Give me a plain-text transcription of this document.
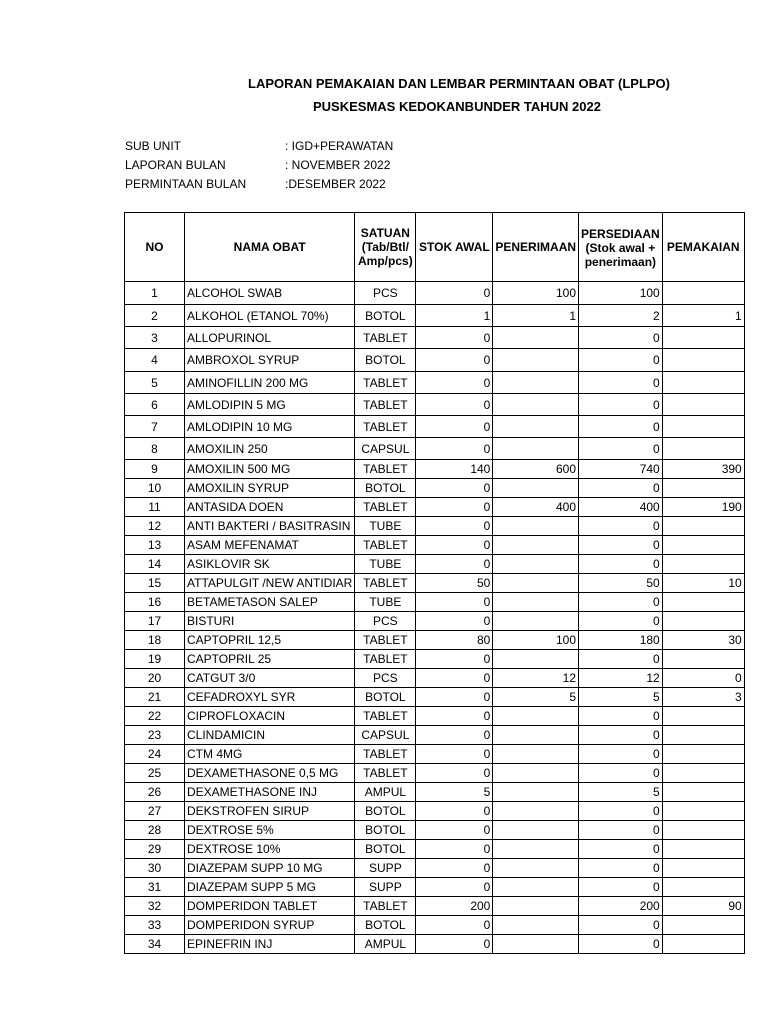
LAPORAN PEMAKAIAN DAN LEMBAR PERMINTAAN OBAT (LPLPO)
PUSKESMAS KEDOKANBUNDER TAHUN 2022
SUB UNIT	: IGD+PERAWATAN
LAPORAN BULAN	: NOVEMBER 2022
PERMINTAAN BULAN	:DESEMBER 2022
NO	NAMA OBAT	SATUAN (Tab/Btl/ Amp/pcs)	STOK AWAL	PENERIMAAN	PERSEDIAAN (Stok awal + penerimaan)	PEMAKAIAN
1	ALCOHOL SWAB	PCS	0	100	100	
2	ALKOHOL (ETANOL 70%)	BOTOL	1	1	2	1
3	ALLOPURINOL	TABLET	0		0	
4	AMBROXOL SYRUP	BOTOL	0		0	
5	AMINOFILLIN 200 MG	TABLET	0		0	
6	AMLODIPIN 5 MG	TABLET	0		0	
7	AMLODIPIN 10 MG	TABLET	0		0	
8	AMOXILIN 250	CAPSUL	0		0	
9	AMOXILIN 500 MG	TABLET	140	600	740	390
10	AMOXILIN SYRUP	BOTOL	0		0	
11	ANTASIDA DOEN	TABLET	0	400	400	190
12	ANTI BAKTERI / BASITRASIN	TUBE	0		0	
13	ASAM MEFENAMAT	TABLET	0		0	
14	ASIKLOVIR SK	TUBE	0		0	
15	ATTAPULGIT /NEW ANTIDIAR	TABLET	50		50	10
16	BETAMETASON SALEP	TUBE	0		0	
17	BISTURI	PCS	0		0	
18	CAPTOPRIL 12,5	TABLET	80	100	180	30
19	CAPTOPRIL 25	TABLET	0		0	
20	CATGUT 3/0	PCS	0	12	12	0
21	CEFADROXYL SYR	BOTOL	0	5	5	3
22	CIPROFLOXACIN	TABLET	0		0	
23	CLINDAMICIN	CAPSUL	0		0	
24	CTM 4MG	TABLET	0		0	
25	DEXAMETHASONE 0,5 MG	TABLET	0		0	
26	DEXAMETHASONE INJ	AMPUL	5		5	
27	DEKSTROFEN SIRUP	BOTOL	0		0	
28	DEXTROSE 5%	BOTOL	0		0	
29	DEXTROSE 10%	BOTOL	0		0	
30	DIAZEPAM SUPP 10 MG	SUPP	0		0	
31	DIAZEPAM SUPP 5 MG	SUPP	0		0	
32	DOMPERIDON TABLET	TABLET	200		200	90
33	DOMPERIDON SYRUP	BOTOL	0		0	
34	EPINEFRIN INJ	AMPUL	0		0	
